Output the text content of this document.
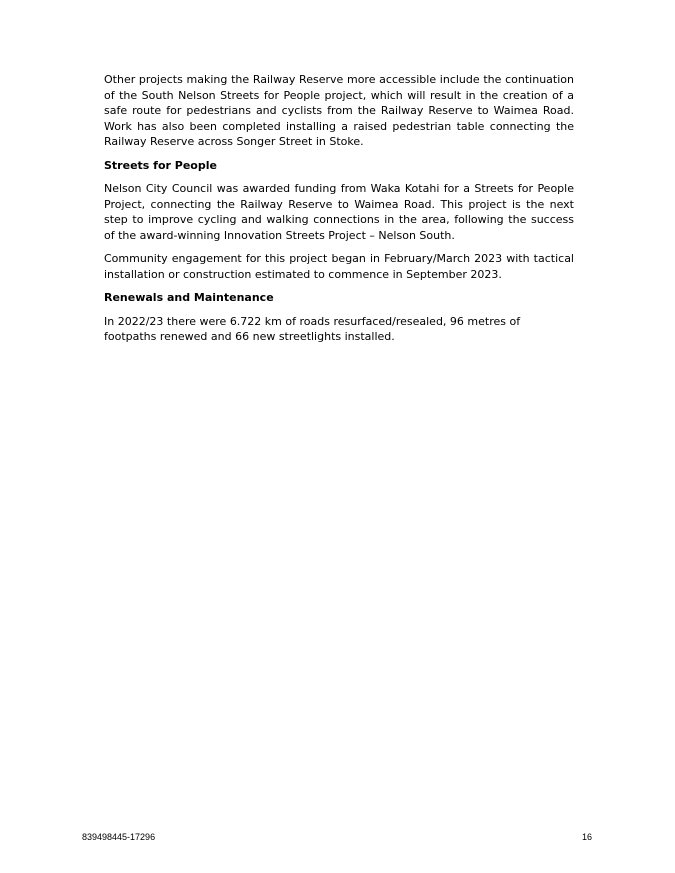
Other projects making the Railway Reserve more accessible include the continuation of the South Nelson Streets for People project, which will result in the creation of a safe route for pedestrians and cyclists from the Railway Reserve to Waimea Road. Work has also been completed installing a raised pedestrian table connecting the Railway Reserve across Songer Street in Stoke.

Streets for People

Nelson City Council was awarded funding from Waka Kotahi for a Streets for People Project, connecting the Railway Reserve to Waimea Road. This project is the next step to improve cycling and walking connections in the area, following the success of the award-winning Innovation Streets Project – Nelson South.

Community engagement for this project began in February/March 2023 with tactical installation or construction estimated to commence in September 2023.

Renewals and Maintenance

In 2022/23 there were 6.722 km of roads resurfaced/resealed, 96 metres of footpaths renewed and 66 new streetlights installed.

839498445-17296	16
